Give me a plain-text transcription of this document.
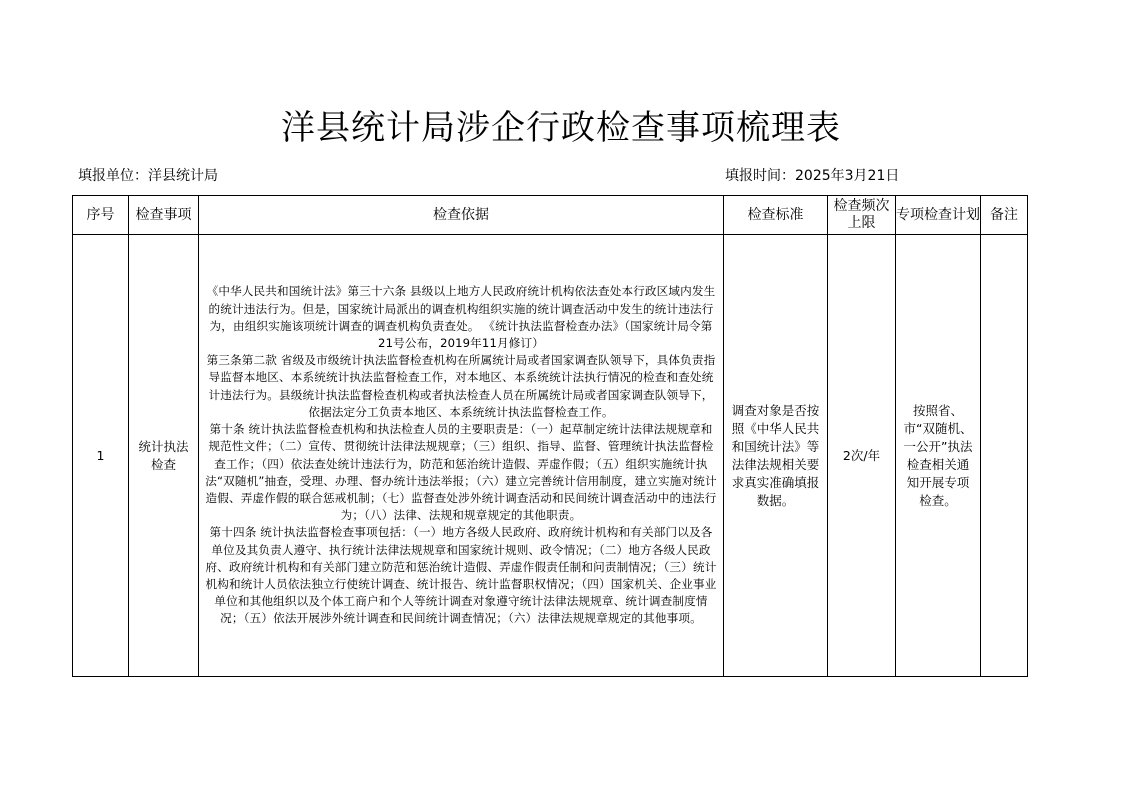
洋县统计局涉企行政检查事项梳理表
填报单位：洋县统计局	填报时间：2025年3月21日
序号	检查事项	检查依据	检查标准	检查频次上限	专项检查计划	备注
1	统计执法检查	《中华人民共和国统计法》第三十六条 县级以上地方人民政府统计机构依法查处本行政区域内发生的统计违法行为。但是，国家统计局派出的调查机构组织实施的统计调查活动中发生的统计违法行为，由组织实施该项统计调查的调查机构负责查处。 《统计执法监督检查办法》（国家统计局令第21号公布，2019年11月修订）
第三条第二款 省级及市级统计执法监督检查机构在所属统计局或者国家调查队领导下，具体负责指导监督本地区、本系统统计执法监督检查工作，对本地区、本系统统计法执行情况的检查和查处统计违法行为。县级统计执法监督检查机构或者执法检查人员在所属统计局或者国家调查队领导下，依据法定分工负责本地区、本系统统计执法监督检查工作。
第十条 统计执法监督检查机构和执法检查人员的主要职责是：（一）起草制定统计法律法规规章和规范性文件；（二）宣传、贯彻统计法律法规规章；（三）组织、指导、监督、管理统计执法监督检查工作；（四）依法查处统计违法行为，防范和惩治统计造假、弄虚作假；（五）组织实施统计执法“双随机”抽查，受理、办理、督办统计违法举报；（六）建立完善统计信用制度，建立实施对统计造假、弄虚作假的联合惩戒机制；（七）监督查处涉外统计调查活动和民间统计调查活动中的违法行为；（八）法律、法规和规章规定的其他职责。
第十四条 统计执法监督检查事项包括：（一）地方各级人民政府、政府统计机构和有关部门以及各单位及其负责人遵守、执行统计法律法规规章和国家统计规则、政令情况；（二）地方各级人民政府、政府统计机构和有关部门建立防范和惩治统计造假、弄虚作假责任制和问责制情况；（三）统计机构和统计人员依法独立行使统计调查、统计报告、统计监督职权情况；（四）国家机关、企业事业单位和其他组织以及个体工商户和个人等统计调查对象遵守统计法律法规规章、统计调查制度情况；（五）依法开展涉外统计调查和民间统计调查情况；（六）法律法规规章规定的其他事项。	调查对象是否按照《中华人民共和国统计法》等法律法规相关要求真实准确填报数据。	2次/年	按照省、市“双随机、一公开”执法检查相关通知开展专项检查。	
